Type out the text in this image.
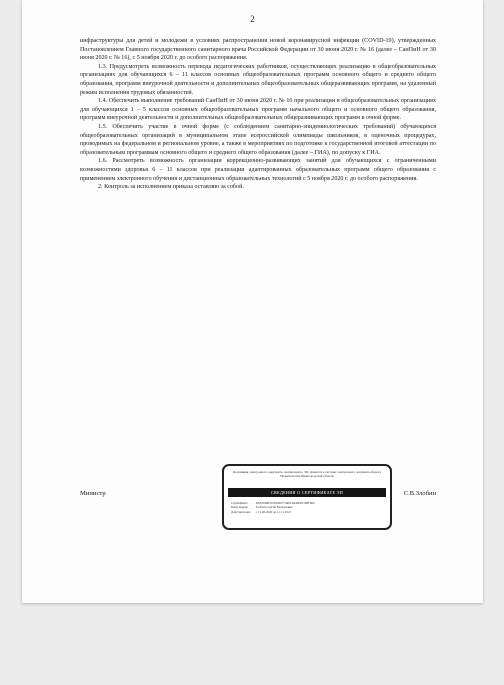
2

инфраструктуры для детей и молодежи в условиях распространения новой коронавирусной инфекции (COVID-19), утвержденных Постановлением Главного государственного санитарного врача Российской Федерации от 30 июня 2020 г. № 16 (далее – СанПиН от 30 июня 2020 г. № 16), с 5 ноября 2020 г. до особого распоряжения.

1.3. Предусмотреть возможность перевода педагогических работников, осуществляющих реализацию в общеобразовательных организациях для обучающихся 6 – 11 классов основных общеобразовательных программ основного общего и среднего общего образования, программ внеурочной деятельности и дополнительных общеобразовательных общеразвивающих программ, на удаленный режим исполнения трудовых обязанностей.

1.4. Обеспечить выполнение требований СанПиН от 30 июня 2020 г. № 16 при реализации в общеобразовательных организациях для обучающихся 1 – 5 классов основных общеобразовательных программ начального общего и основного общего образования, программ внеурочной деятельности и дополнительных общеобразовательных общеразвивающих программ в очной форме.

1.5. Обеспечить участие в очной форме (с соблюдением санитарно-эпидемиологических требований) обучающихся общеобразовательных организаций в муниципальном этапе всероссийской олимпиады школьников, в оценочных процедурах, проводимых на федеральном и региональном уровне, а также в мероприятиях по подготовке к государственной итоговой аттестации по образовательным программам основного общего и среднего общего образования (далее – ГИА), по допуску к ГИА.

1.6. Рассмотреть возможность организации коррекционно-развивающих занятий для обучающихся с ограниченными возможностями здоровья 6 – 11 классов при реализации адаптированных образовательных программ общего образования с применением электронного обучения и дистанционных образовательных технологий с 5 ноября 2020 г. до особого распоряжения.

2. Контроль за исполнением приказа оставляю за собой.

Министр	С.В.Злобин
Подлинник электронного документа, подписанного ЭП, хранится в системе электронного документооборота Правительства Нижегородской области
СВЕДЕНИЯ О СЕРТИФИКАТЕ ЭП
Сертификат: 2B3204983108300977490C84490F0188F666
Кому выдан: Злобин Сергей Васильевич
Действителен: с 11.06.2020 до 11.11.2021
